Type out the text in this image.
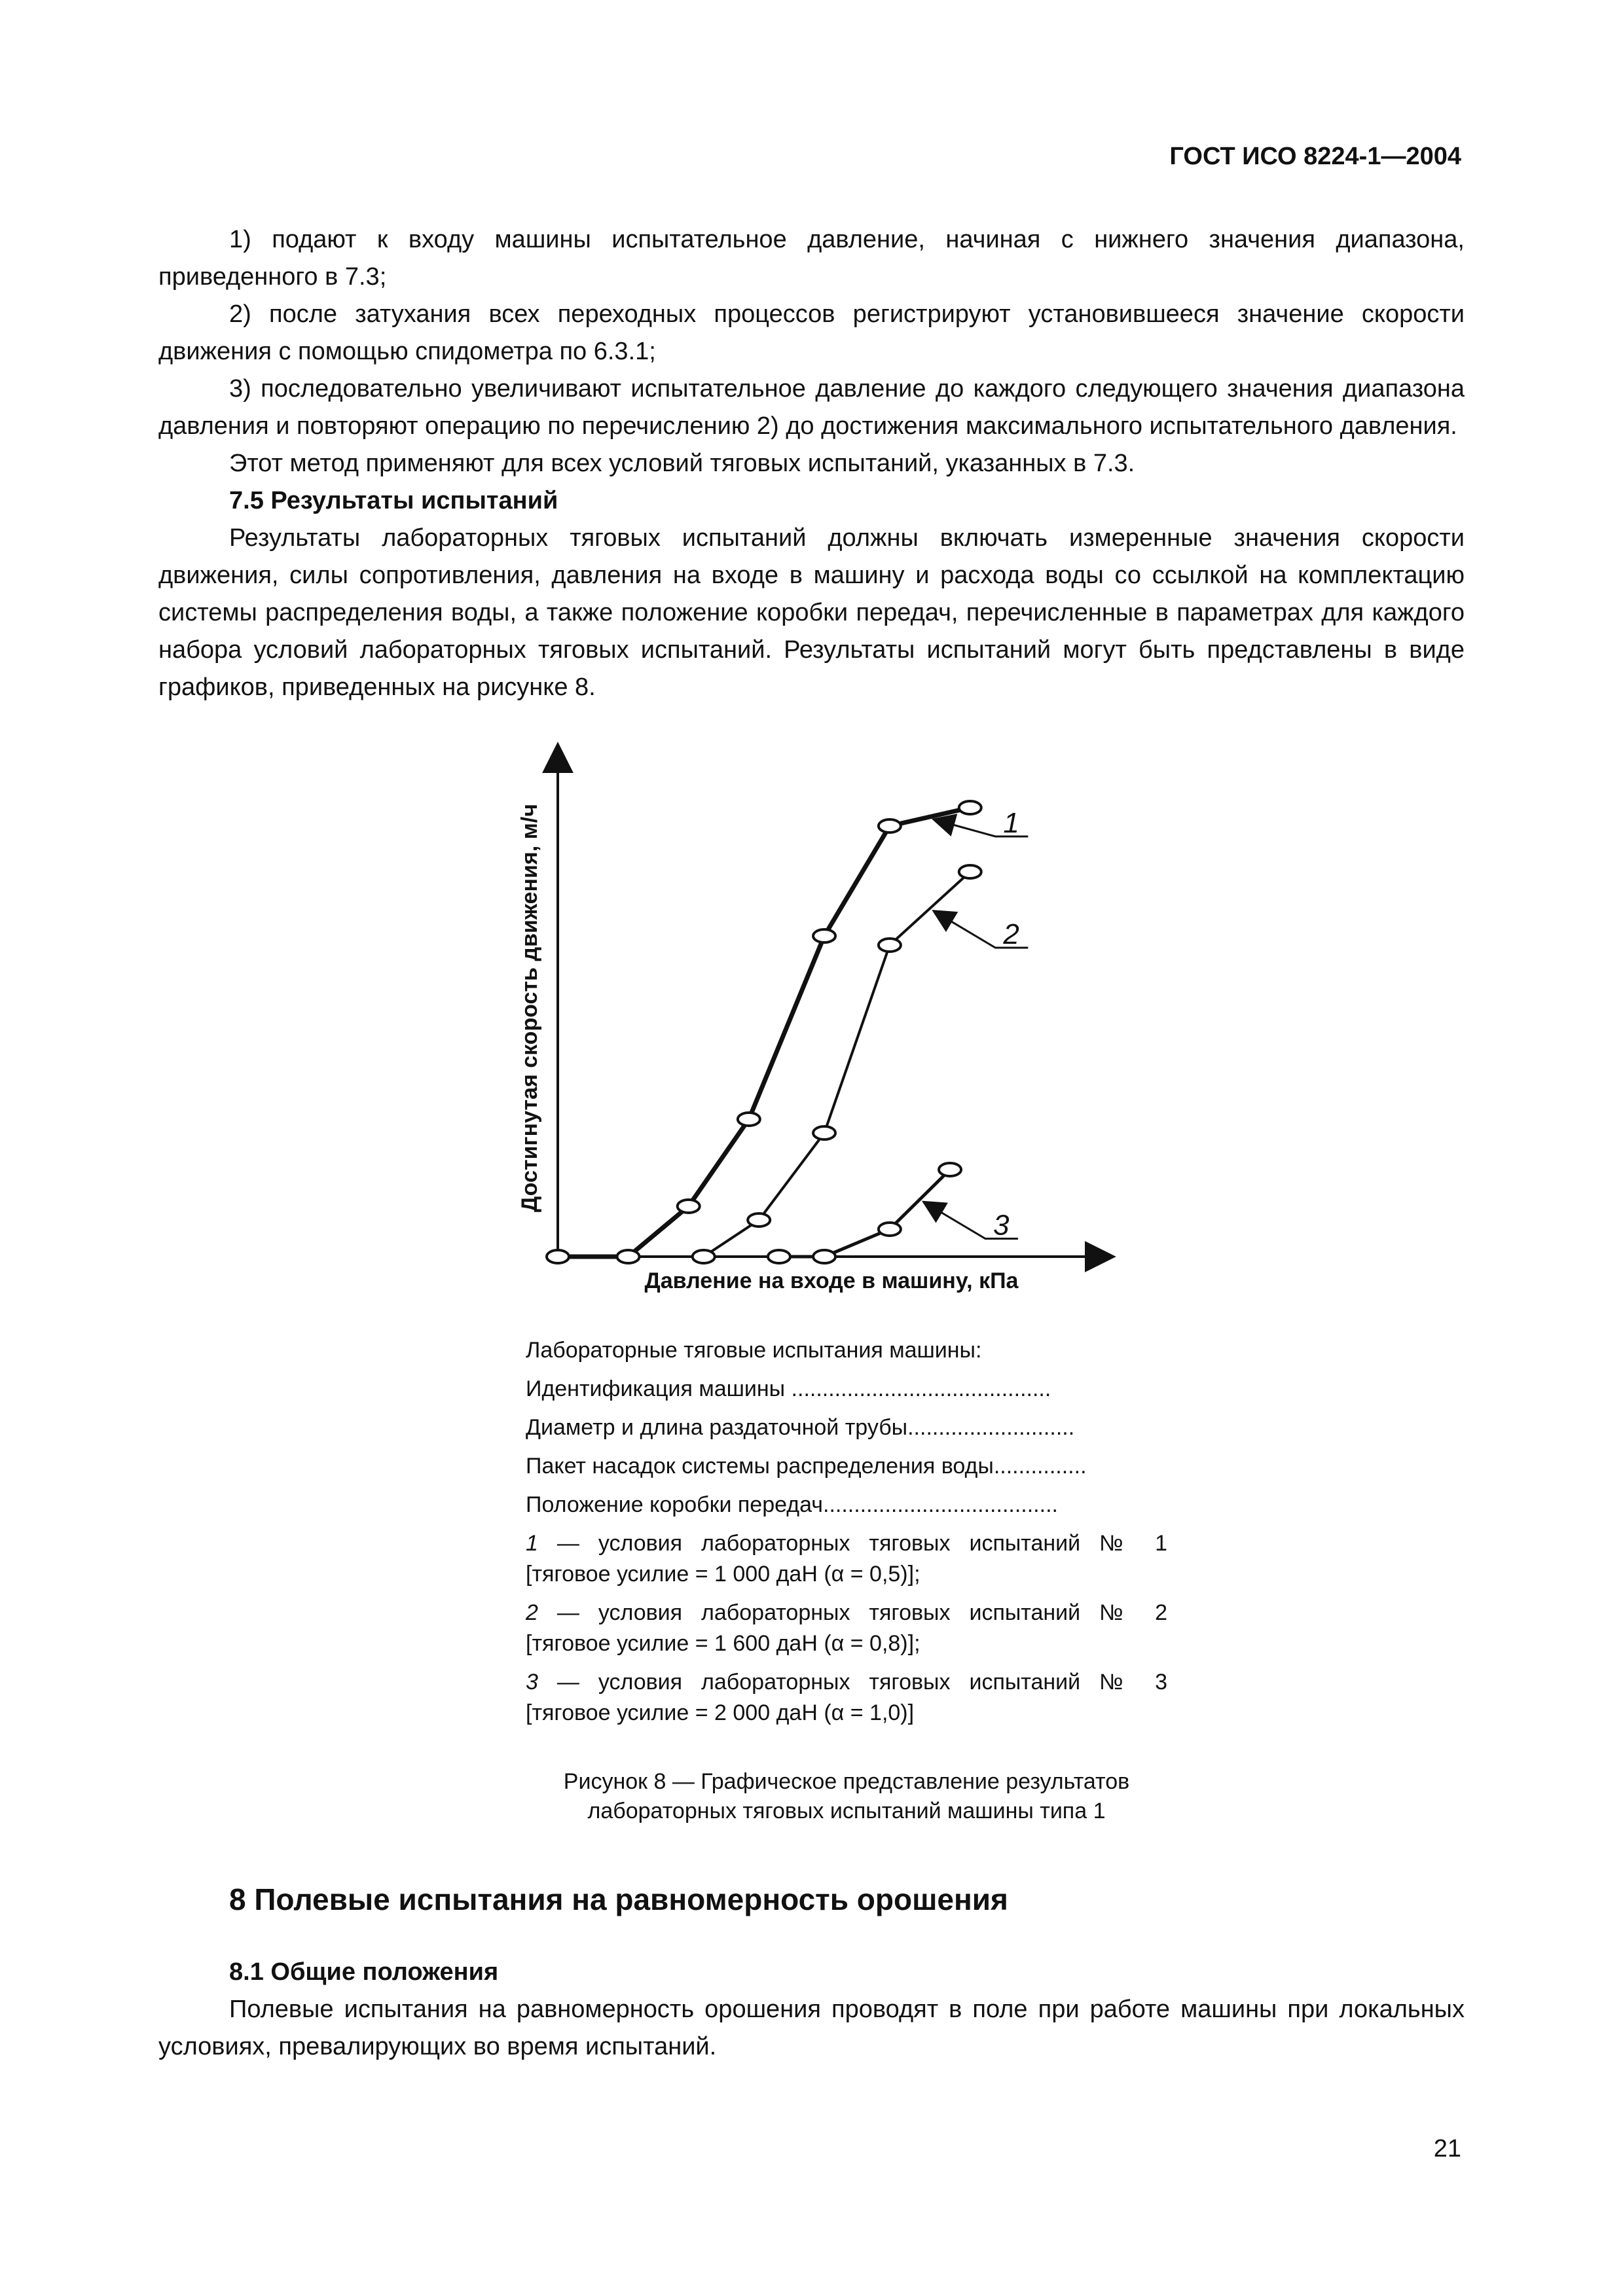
ГОСТ ИСО 8224-1—2004

1) подают к входу машины испытательное давление, начиная с нижнего значения диапазона, приведенного в 7.3;

2) после затухания всех переходных процессов регистрируют установившееся значение скорости движения с помощью спидометра по 6.3.1;

3) последовательно увеличивают испытательное давление до каждого следующего значения диапазона давления и повторяют операцию по перечислению 2) до достижения максимального испытательного давления.

Этот метод применяют для всех условий тяговых испытаний, указанных в 7.3.

7.5 Результаты испытаний

Результаты лабораторных тяговых испытаний должны включать измеренные значения скорости движения, силы сопротивления, давления на входе в машину и расхода воды со ссылкой на комплектацию системы распределения воды, а также положение коробки передач, перечисленные в параметрах для каждого набора условий лабораторных тяговых испытаний. Результаты испытаний могут быть представлены в виде графиков, приведенных на рисунке 8.

Достигнутая скорость движения, м/ч
Давление на входе в машину, кПа
1
2
3
Лабораторные тяговые испытания машины:
Идентификация машины ..........................................
Диаметр и длина раздаточной трубы...........................
Пакет насадок системы распределения воды...............
Положение коробки передач......................................
1 — условия лабораторных тяговых испытаний № 1
[тяговое усилие = 1 000 даН (α = 0,5)];
2 — условия лабораторных тяговых испытаний № 2
[тяговое усилие = 1 600 даН (α = 0,8)];
3 — условия лабораторных тяговых испытаний № 3
[тяговое усилие = 2 000 даН (α = 1,0)]
Рисунок 8 — Графическое представление результатов
лабораторных тяговых испытаний машины типа 1
8 Полевые испытания на равномерность орошения
8.1 Общие положения

Полевые испытания на равномерность орошения проводят в поле при работе машины при локальных условиях, превалирующих во время испытаний.

21
